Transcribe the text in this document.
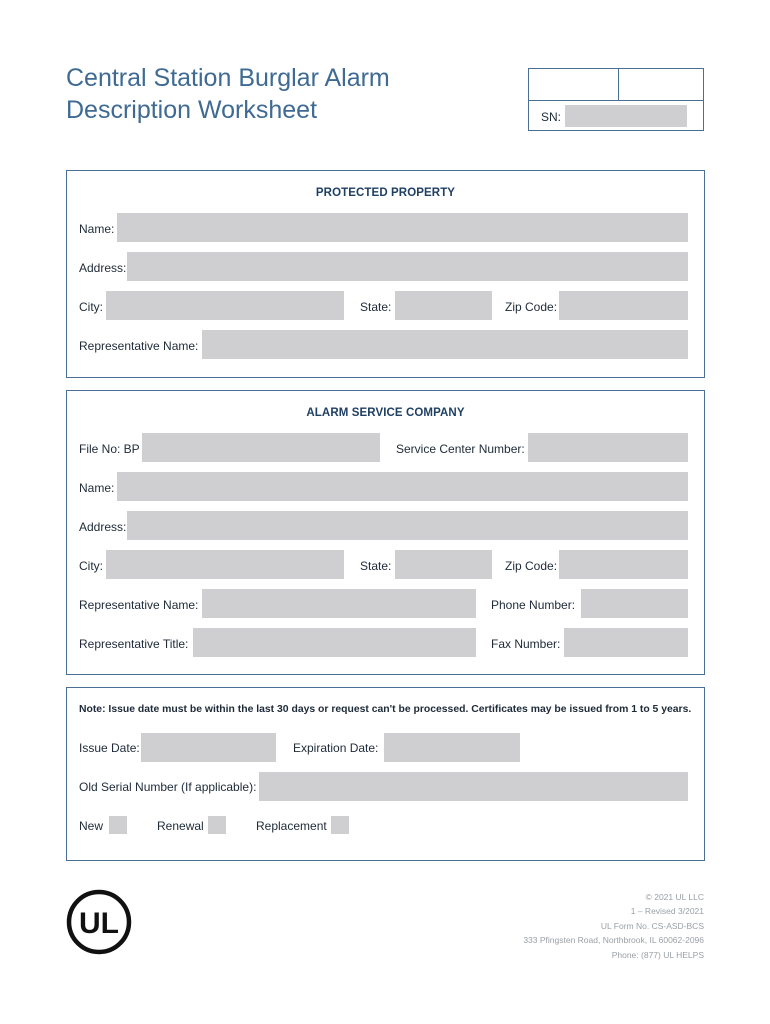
Central Station Burglar Alarm
Description Worksheet	SN:
PROTECTED PROPERTY
Name:
Address:
City:	State:	Zip Code:
Representative Name:
ALARM SERVICE COMPANY
File No: BP	Service Center Number:
Name:
Address:
City:	State:	Zip Code:
Representative Name:	Phone Number:
Representative Title:	Fax Number:
Note: Issue date must be within the last 30 days or request can't be processed. Certificates may be issued from 1 to 5 years.
Issue Date:	Expiration Date:
Old Serial Number (If applicable):
New	Renewal	Replacement
UL
© 2021 UL LLC
1 – Revised 3/2021
UL Form No. CS-ASD-BCS
333 Pfingsten Road, Northbrook, IL 60062-2096
Phone: (877) UL HELPS
